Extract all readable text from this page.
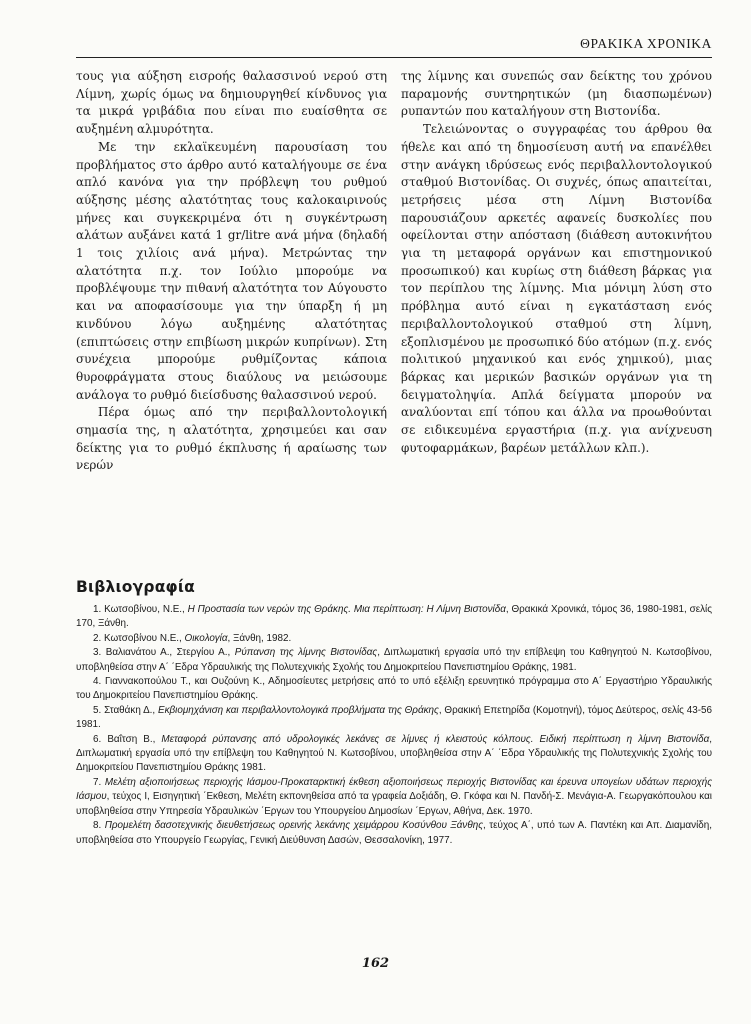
ΘΡΑΚΙΚΑ ΧΡΟΝΙΚΑ

τους για αύξηση εισροής θαλασσινού νερού στη Λίμνη, χωρίς όμως να δημιουργηθεί κίνδυνος για τα μικρά γριβάδια που είναι πιο ευαίσθητα σε αυξημένη αλμυρότητα.

Με την εκλαϊκευμένη παρουσίαση του προβλήματος στο άρθρο αυτό καταλήγουμε σε ένα απλό κανόνα για την πρόβλεψη του ρυθμού αύξησης μέσης αλατότητας τους καλοκαιρινούς μήνες και συγκεκριμένα ότι η συγκέντρωση αλάτων αυξάνει κατά 1 gr/litre ανά μήνα (δηλαδή 1 τοις χιλίοις ανά μήνα). Μετρώντας την αλατότητα π.χ. τον Ιούλιο μπορούμε να προβλέψουμε την πιθανή αλατότητα τον Αύγουστο και να αποφασίσουμε για την ύπαρξη ή μη κινδύνου λόγω αυξημένης αλατότητας (επιπτώσεις στην επιβίωση μικρών κυπρίνων). Στη συνέχεια μπορούμε ρυθμίζοντας κάποια θυροφράγματα στους διαύλους να μειώσουμε ανάλογα το ρυθμό διείσδυσης θαλασσινού νερού.

Πέρα όμως από την περιβαλλοντολογική σημασία της, η αλατότητα, χρησιμεύει και σαν δείκτης για το ρυθμό έκπλυσης ή αραίωσης των νερών

της λίμνης και συνεπώς σαν δείκτης του χρόνου παραμονής συντηρητικών (μη διασπωμένων) ρυπαντών που καταλήγουν στη Βιστονίδα.

Τελειώνοντας ο συγγραφέας του άρθρου θα ήθελε και από τη δημοσίευση αυτή να επανέλθει στην ανάγκη ιδρύσεως ενός περιβαλλοντολογικού σταθμού Βιστονίδας. Οι συχνές, όπως απαιτείται, μετρήσεις μέσα στη Λίμνη Βιστονίδα παρουσιάζουν αρκετές αφανείς δυσκολίες που οφείλονται στην απόσταση (διάθεση αυτοκινήτου για τη μεταφορά οργάνων και επιστημονικού προσωπικού) και κυρίως στη διάθεση βάρκας για τον περίπλου της λίμνης. Μια μόνιμη λύση στο πρόβλημα αυτό είναι η εγκατάσταση ενός περιβαλλοντολογικού σταθμού στη λίμνη, εξοπλισμένου με προσωπικό δύο ατόμων (π.χ. ενός πολιτικού μηχανικού και ενός χημικού), μιας βάρκας και μερικών βασικών οργάνων για τη δειγματοληψία. Απλά δείγματα μπορούν να αναλύονται επί τόπου και άλλα να προωθούνται σε ειδικευμένα εργαστήρια (π.χ. για ανίχνευση φυτοφαρμάκων, βαρέων μετάλλων κλπ.).

Βιβλιογραφία
1. Κωτσοβίνου, Ν.Ε., Η Προστασία των νερών της Θράκης. Μια περίπτωση: Η Λίμνη Βιστονίδα, Θρακικά Χρονικά, τόμος 36, 1980-1981, σελίς 170, Ξάνθη.
2. Κωτσοβίνου Ν.Ε., Οικολογία, Ξάνθη, 1982.
3. Βαλιανάτου Α., Στεργίου Α., Ρύπανση της λίμνης Βιστονίδας, Διπλωματική εργασία υπό την επίβλεψη του Καθηγητού Ν. Κωτσοβίνου, υποβληθείσα στην Α΄ ΄Εδρα Υδραυλικής της Πολυτεχνικής Σχολής του Δημοκριτείου Πανεπιστημίου Θράκης, 1981.
4. Γιαννακοπούλου Τ., και Ουζούνη Κ., Αδημοσίευτες μετρήσεις από το υπό εξέλιξη ερευνητικό πρόγραμμα στο Α΄ Εργαστήριο Υδραυλικής του Δημοκριτείου Πανεπιστημίου Θράκης.
5. Σταθάκη Δ., Εκβιομηχάνιση και περιβαλλοντολογικά προβλήματα της Θράκης, Θρακική Επετηρίδα (Κομοτηνή), τόμος Δεύτερος, σελίς 43-56 1981.
6. Βαΐτση Β., Μεταφορά ρύπανσης από υδρολογικές λεκάνες σε λίμνες ή κλειστούς κόλπους. Ειδική περίπτωση η λίμνη Βιστονίδα, Διπλωματική εργασία υπό την επίβλεψη του Καθηγητού Ν. Κωτσοβίνου, υποβληθείσα στην Α΄ ΄Εδρα Υδραυλικής της Πολυτεχνικής Σχολής του Δημοκριτείου Πανεπιστημίου Θράκης 1981.
7. Μελέτη αξιοποιήσεως περιοχής Ιάσμου-Προκαταρκτική έκθεση αξιοποιήσεως περιοχής Βιστονίδας και έρευνα υπογείων υδάτων περιοχής Ιάσμου, τεύχος Ι, Εισηγητική ΄Εκθεση, Μελέτη εκπονηθείσα από τα γραφεία Δοξιάδη, Θ. Γκόφα και Ν. Πανδή-Σ. Μενάγια-Α. Γεωργακόπουλου και υποβληθείσα στην Υπηρεσία Υδραυλικών ΄Εργων του Υπουργείου Δημοσίων ΄Εργων, Αθήνα, Δεκ. 1970.
8. Προμελέτη δασοτεχνικής διευθετήσεως ορεινής λεκάνης χειμάρρου Κοσύνθου Ξάνθης, τεύχος Α΄, υπό των Α. Παντέκη και Απ. Διαμανίδη, υποβληθείσα στο Υπουργείο Γεωργίας, Γενική Διεύθυνση Δασών, Θεσσαλονίκη, 1977.
162
